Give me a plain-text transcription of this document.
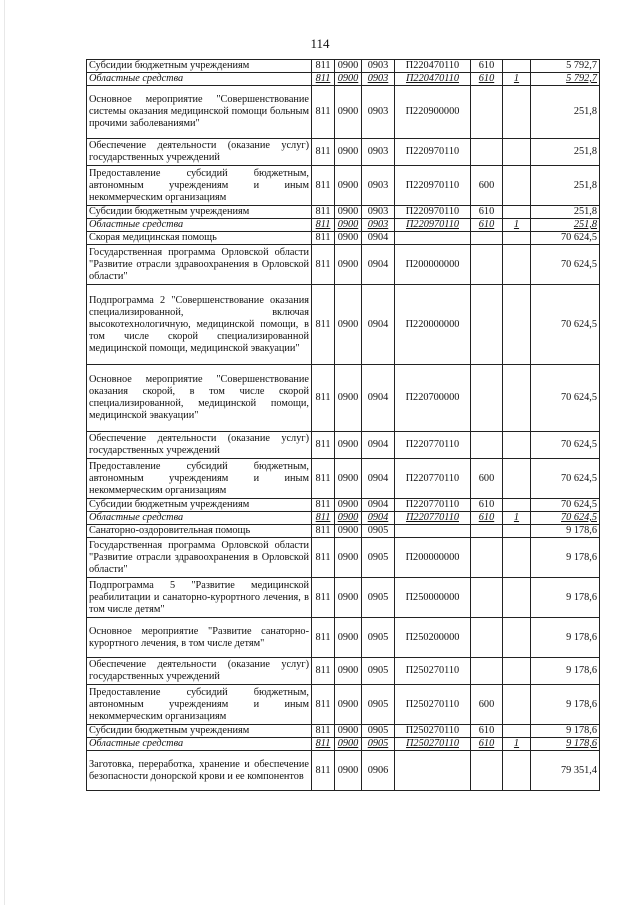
114
Субсидии бюджетным учреждениям	811	0900	0903	П220470110	610		5 792,7
Областные средства	811	0900	0903	П220470110	610	1	5 792,7
Основное мероприятие "Совершенствование системы оказания медицинской помощи больным прочими заболеваниями"	811	0900	0903	П220900000			251,8
Обеспечение деятельности (оказание услуг) государственных учреждений	811	0900	0903	П220970110			251,8
Предоставление субсидий бюджетным, автономным учреждениям и иным некоммерческим организациям	811	0900	0903	П220970110	600		251,8
Субсидии бюджетным учреждениям	811	0900	0903	П220970110	610		251,8
Областные средства	811	0900	0903	П220970110	610	1	251,8
Скорая медицинская помощь	811	0900	0904				70 624,5
Государственная программа Орловской области "Развитие отрасли здравоохранения в Орловской области"	811	0900	0904	П200000000			70 624,5
Подпрограмма 2 "Совершенствование оказания специализированной, включая высокотехнологичную, медицинской помощи, в том числе скорой специализированной медицинской помощи, медицинской эвакуации"	811	0900	0904	П220000000			70 624,5
Основное мероприятие "Совершенствование оказания скорой, в том числе скорой специализированной, медицинской помощи, медицинской эвакуации"	811	0900	0904	П220700000			70 624,5
Обеспечение деятельности (оказание услуг) государственных учреждений	811	0900	0904	П220770110			70 624,5
Предоставление субсидий бюджетным, автономным учреждениям и иным некоммерческим организациям	811	0900	0904	П220770110	600		70 624,5
Субсидии бюджетным учреждениям	811	0900	0904	П220770110	610		70 624,5
Областные средства	811	0900	0904	П220770110	610	1	70 624,5
Санаторно-оздоровительная помощь	811	0900	0905				9 178,6
Государственная программа Орловской области "Развитие отрасли здравоохранения в Орловской области"	811	0900	0905	П200000000			9 178,6
Подпрограмма 5 "Развитие медицинской реабилитации и санаторно-курортного лечения, в том числе детям"	811	0900	0905	П250000000			9 178,6
Основное мероприятие "Развитие санаторно-курортного лечения, в том числе детям"	811	0900	0905	П250200000			9 178,6
Обеспечение деятельности (оказание услуг) государственных учреждений	811	0900	0905	П250270110			9 178,6
Предоставление субсидий бюджетным, автономным учреждениям и иным некоммерческим организациям	811	0900	0905	П250270110	600		9 178,6
Субсидии бюджетным учреждениям	811	0900	0905	П250270110	610		9 178,6
Областные средства	811	0900	0905	П250270110	610	1	9 178,6
Заготовка, переработка, хранение и обеспечение безопасности донорской крови и ее компонентов	811	0900	0906				79 351,4
